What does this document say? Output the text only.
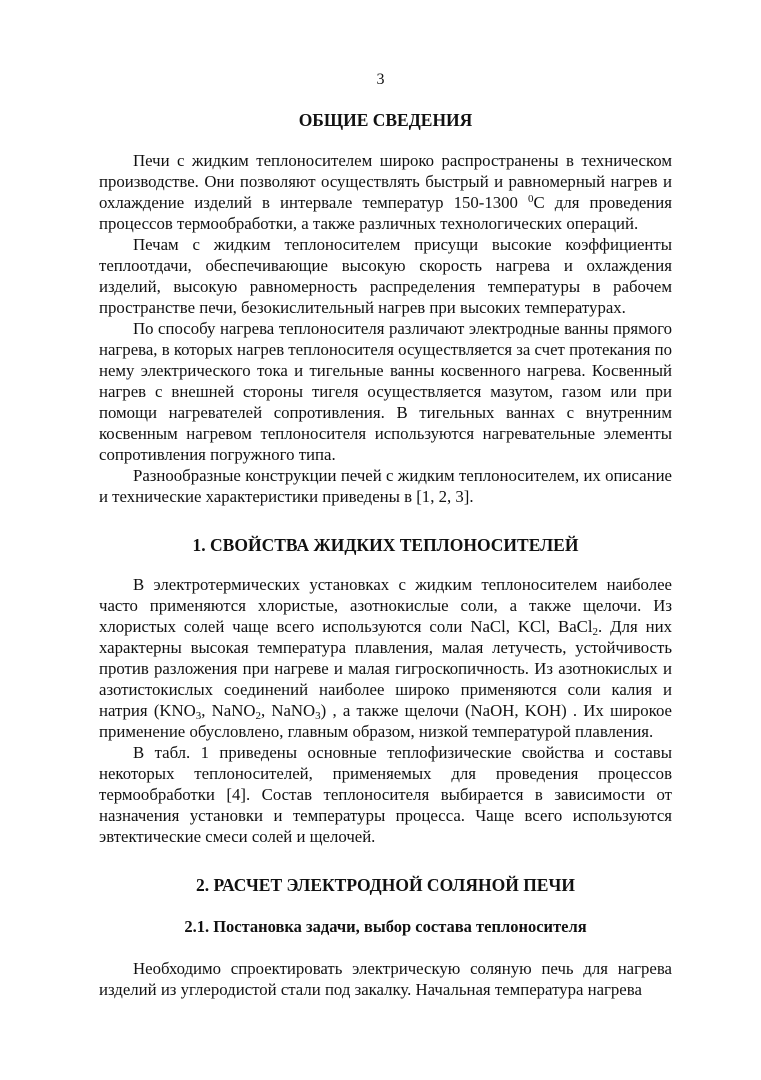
3
ОБЩИЕ СВЕДЕНИЯ

Печи с жидким теплоносителем широко распространены в техническом производстве. Они позволяют осуществлять быстрый и равномерный нагрев и охлаждение изделий в интервале температур 150-1300 $^0$С для проведения процессов термообработки, а также различных технологических операций.

Печам с жидким теплоносителем присущи высокие коэффициенты теплоотдачи, обеспечивающие высокую скорость нагрева и охлаждения изделий, высокую равномерность распределения температуры в рабочем пространстве печи, безокислительный нагрев при высоких температурах.

По способу нагрева теплоносителя различают электродные ванны прямого нагрева, в которых нагрев теплоносителя осуществляется за счет протекания по нему электрического тока и тигельные ванны косвенного нагрева. Косвенный нагрев с внешней стороны тигеля осуществляется мазутом, газом или при помощи нагревателей сопротивления. В тигельных ваннах с внутренним косвенным нагревом теплоносителя используются нагревательные элементы сопротивления погружного типа.

Разнообразные конструкции печей с жидким теплоносителем, их описание и технические характеристики приведены в [1, 2, 3].

1. СВОЙСТВА ЖИДКИХ ТЕПЛОНОСИТЕЛЕЙ

В электротермических установках с жидким теплоносителем наиболее часто применяются хлористые, азотнокислые соли, а также щелочи. Из хлористых солей чаще всего используются соли NaCl, KCl, BaCl$_2$. Для них характерны высокая температура плавления, малая летучесть, устойчивость против разложения при нагреве и малая гигроскопичность. Из азотнокислых и азотистокислых соединений наиболее широко применяются соли калия и натрия ($KNO_3$, NaNO$_2$, NaNO$_3$) , а также щелочи (NaOH, KOH) . Их широкое применение обусловлено, главным образом, низкой температурой плавления.

В табл. 1 приведены основные теплофизические свойства и составы некоторых теплоносителей, применяемых для проведения процессов термообработки [4]. Состав теплоносителя выбирается в зависимости от назначения установки и температуры процесса. Чаще всего используются эвтектические смеси солей и щелочей.

2. РАСЧЕТ ЭЛЕКТРОДНОЙ СОЛЯНОЙ ПЕЧИ
2.1. Постановка задачи, выбор состава теплоносителя

Необходимо спроектировать электрическую соляную печь для нагрева изделий из углеродистой стали под закалку. Начальная температура нагрева
